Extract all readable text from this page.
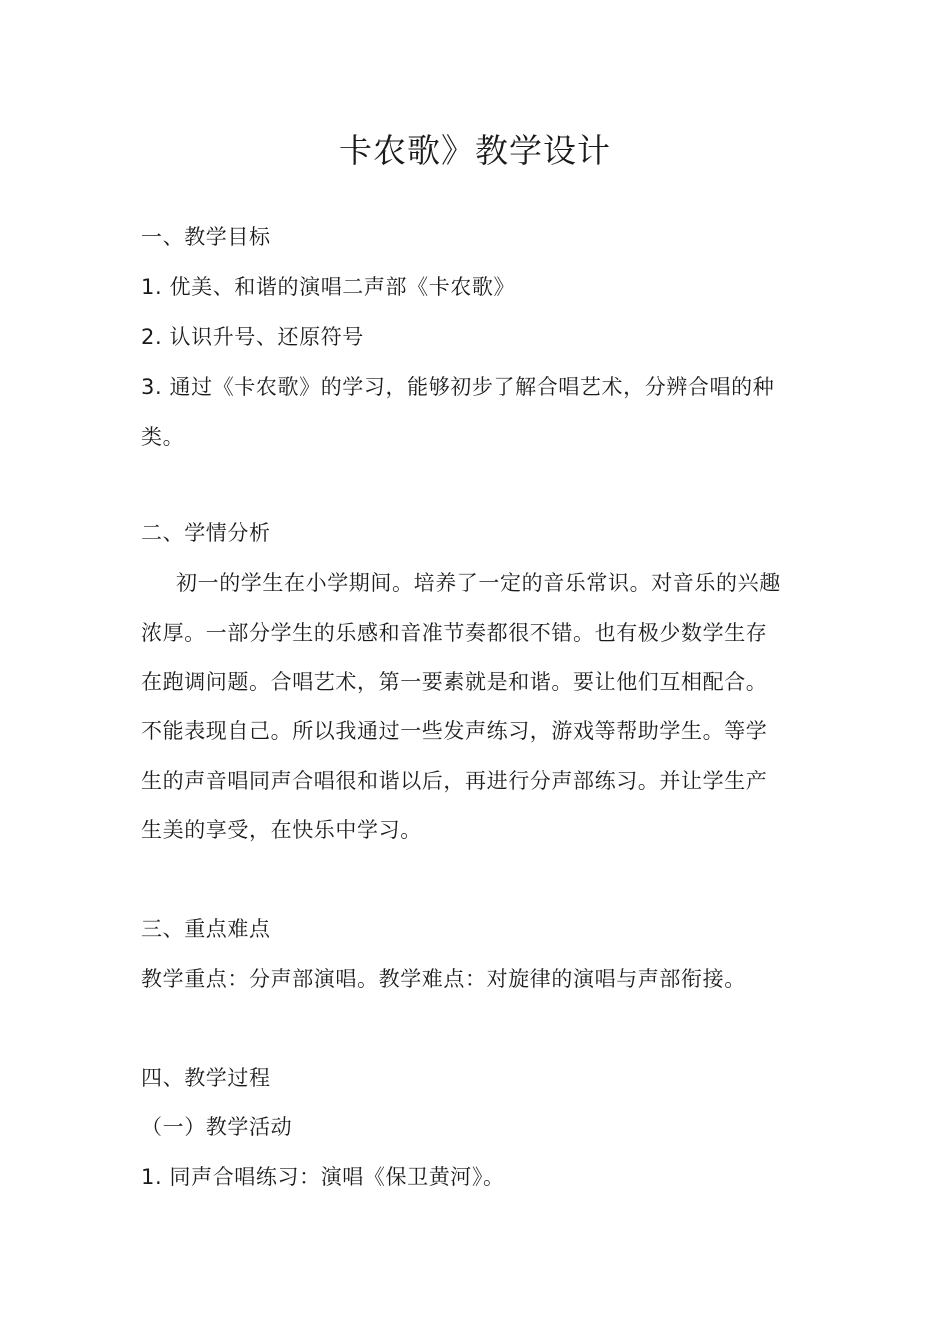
卡农歌》教学设计
一、教学目标
1. 优美、和谐的演唱二声部《卡农歌》
2. 认识升号、还原符号
3. 通过《卡农歌》的学习，能够初步了解合唱艺术，分辨合唱的种
类。
二、学情分析
初一的学生在小学期间。培养了一定的音乐常识。对音乐的兴趣
浓厚。一部分学生的乐感和音准节奏都很不错。也有极少数学生存
在跑调问题。合唱艺术，第一要素就是和谐。要让他们互相配合。
不能表现自己。所以我通过一些发声练习，游戏等帮助学生。等学
生的声音唱同声合唱很和谐以后，再进行分声部练习。并让学生产
生美的享受，在快乐中学习。
三、重点难点
教学重点：分声部演唱。教学难点：对旋律的演唱与声部衔接。
四、教学过程
（一）教学活动
1. 同声合唱练习：演唱《保卫黄河》。
